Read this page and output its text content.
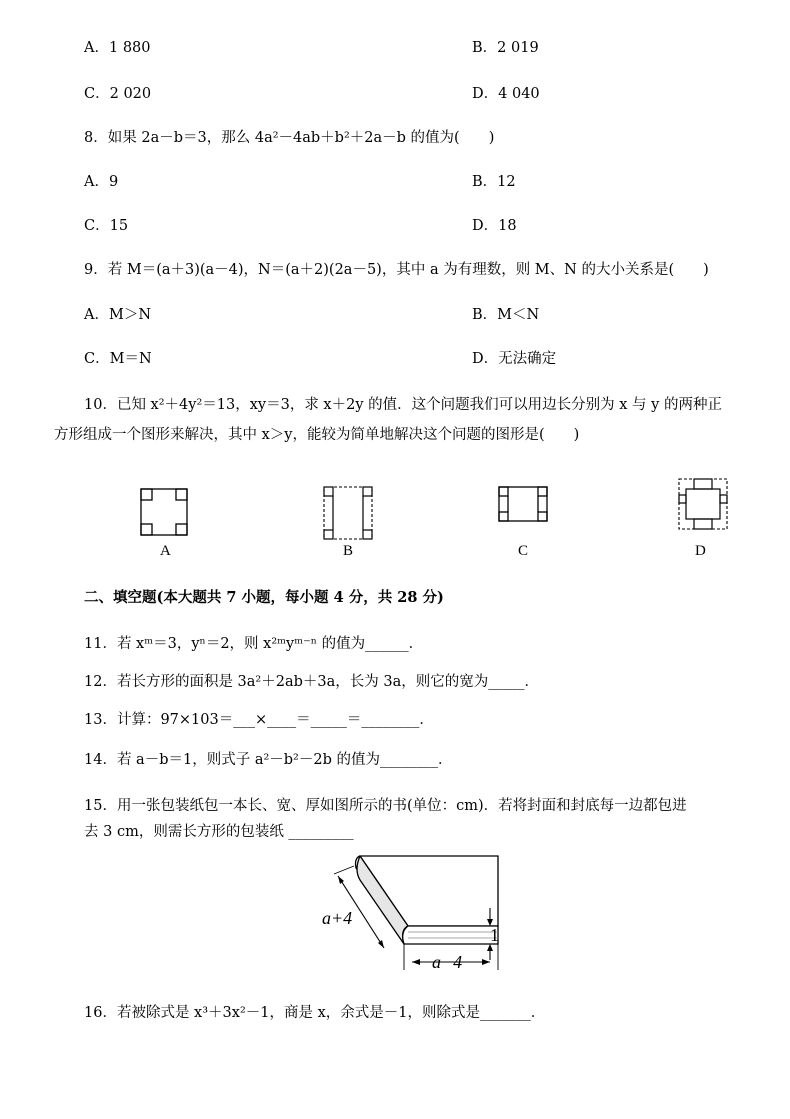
A．1 880	B．2 019
C．2 020	D．4 040
8．如果 2a－b＝3，那么 4a²－4ab＋b²＋2a－b 的值为(　　)
A．9	B．12
C．15	D．18
9．若 M＝(a＋3)(a－4)，N＝(a＋2)(2a－5)，其中 a 为有理数，则 M、N 的大小关系是(　　)
A．M＞N	B．M＜N
C．M＝N	D．无法确定
10．已知 x²＋4y²＝13，xy＝3，求 x＋2y 的值．这个问题我们可以用边长分别为 x 与 y 的两种正
方形组成一个图形来解决，其中 x＞y，能较为简单地解决这个问题的图形是(　　)
A	B	C	D
二、填空题(本大题共 7 小题，每小题 4 分，共 28 分)
11．若 xᵐ＝3，yⁿ＝2，则 x²ᵐyᵐ⁻ⁿ 的值为______．
12．若长方形的面积是 3a²＋2ab＋3a，长为 3a，则它的宽为_____．
13．计算：97×103＝___×____＝_____＝________．
14．若 a－b＝1，则式子 a²－b²－2b 的值为________．
15．用一张包装纸包一本长、宽、厚如图所示的书(单位：cm)．若将封面和封底每一边都包进
去 3 cm，则需长方形的包装纸 _________
a+4
a−4
1
16．若被除式是 x³＋3x²－1，商是 x，余式是－1，则除式是_______．
